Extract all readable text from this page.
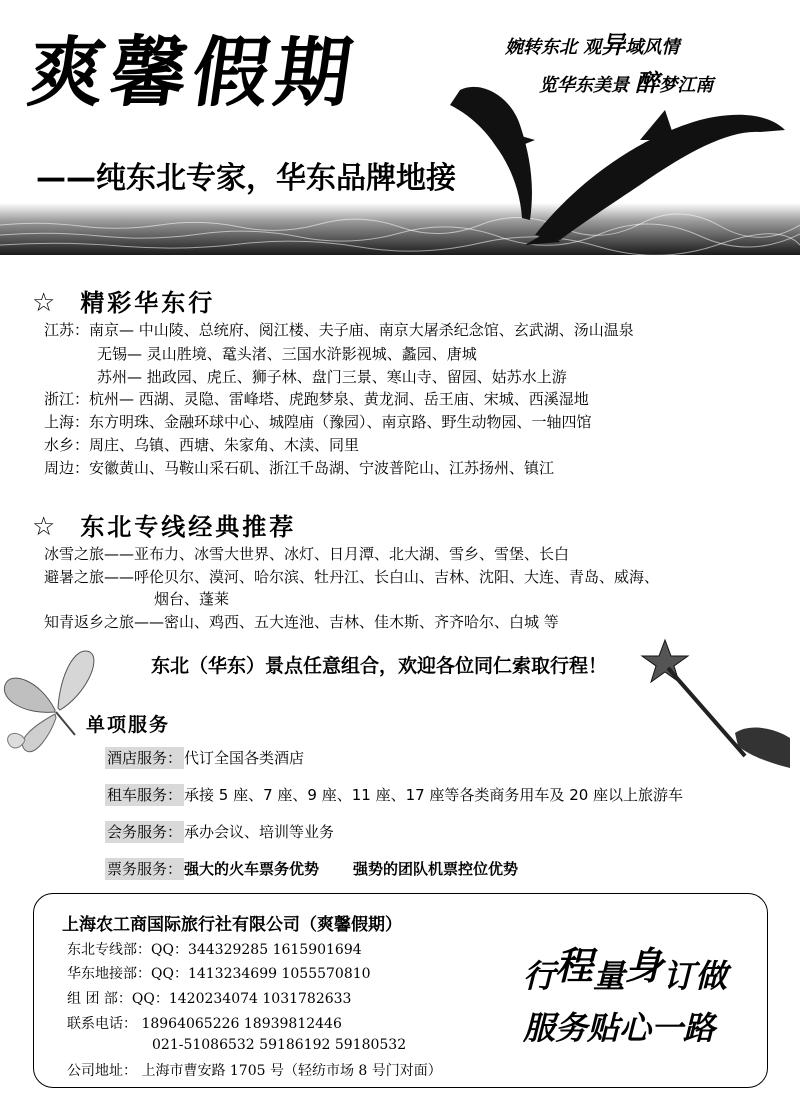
爽馨假期
——纯东北专家，华东品牌地接
婉转东北 观异域风情
览华东美景 醉梦江南
☆ 精彩华东行
江苏：南京— 中山陵、总统府、阅江楼、夫子庙、南京大屠杀纪念馆、玄武湖、汤山温泉
无锡— 灵山胜境、鼋头渚、三国水浒影视城、蠡园、唐城
苏州— 拙政园、虎丘、狮子林、盘门三景、寒山寺、留园、姑苏水上游
浙江：杭州— 西湖、灵隐、雷峰塔、虎跑梦泉、黄龙洞、岳王庙、宋城、西溪湿地
上海：东方明珠、金融环球中心、城隍庙（豫园）、南京路、野生动物园、一轴四馆
水乡：周庄、乌镇、西塘、朱家角、木渎、同里
周边：安徽黄山、马鞍山采石矶、浙江千岛湖、宁波普陀山、江苏扬州、镇江
☆ 东北专线经典推荐
冰雪之旅——亚布力、冰雪大世界、冰灯、日月潭、北大湖、雪乡、雪堡、长白
避暑之旅——呼伦贝尔、漠河、哈尔滨、牡丹江、长白山、吉林、沈阳、大连、青岛、威海、
烟台、蓬莱
知青返乡之旅——密山、鸡西、五大连池、吉林、佳木斯、齐齐哈尔、白城 等
东北（华东）景点任意组合，欢迎各位同仁索取行程！
单项服务
酒店服务： 代订全国各类酒店
租车服务： 承接 5 座、7 座、9 座、11 座、17 座等各类商务用车及 20 座以上旅游车
会务服务： 承办会议、培训等业务
票务服务： 强大的火车票务优势 强势的团队机票控位优势
上海农工商国际旅行社有限公司（爽馨假期）
东北专线部：QQ：344329285 1615901694
华东地接部：QQ：1413234699 1055570810
组 团 部：QQ：1420234074 1031782633
联系电话： 18964065226 18939812446
021-51086532 59186192 59180532
公司地址： 上海市曹安路 1705 号（轻纺市场 8 号门对面）
行程量身订做
服务贴心一路
